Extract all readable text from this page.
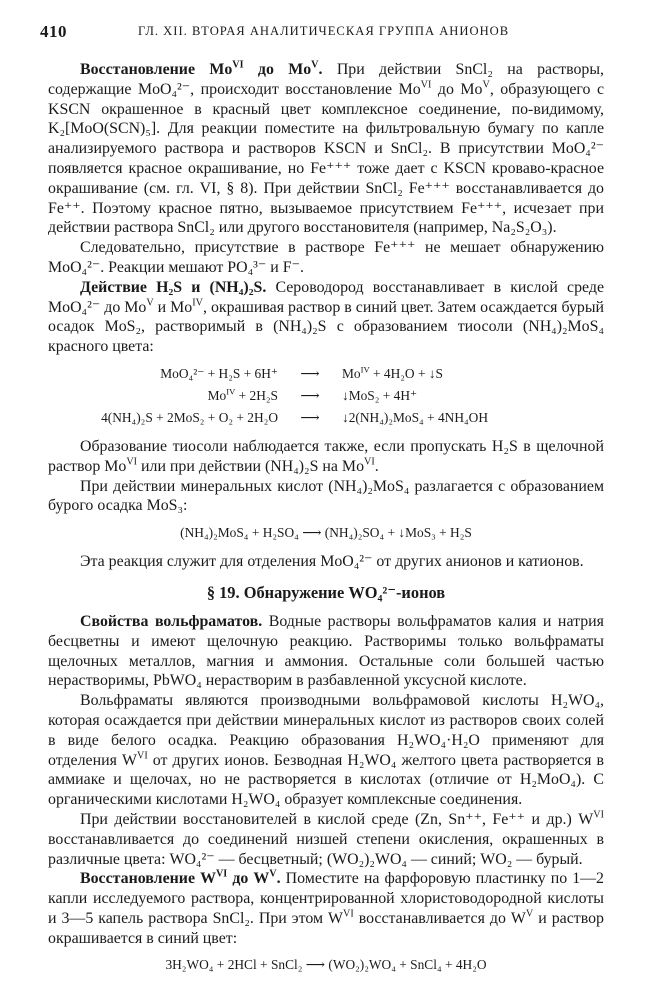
410	ГЛ. XII. ВТОРАЯ АНАЛИТИЧЕСКАЯ ГРУППА АНИОНОВ

Восстановление $Mo^{VI}$ до $Mo^V$. При действии SnCl₂ на растворы, содержащие MoO₄²⁻, происходит восстановление $Mo^{VI}$ до $Mo^V$, образующего с KSCN окрашенное в красный цвет комплексное соединение, по-видимому, K₂[MoO(SCN)₅]. Для реакции поместите на фильтровальную бумагу по капле анализируемого раствора и растворов KSCN и SnCl₂. В присутствии MoO₄²⁻ появляется красное окрашивание, но Fe⁺⁺⁺ тоже дает с KSCN кроваво-красное окрашивание (см. гл. VI, § 8). При действии SnCl₂ Fe⁺⁺⁺ восстанавливается до Fe⁺⁺. Поэтому красное пятно, вызываемое присутствием Fe⁺⁺⁺, исчезает при действии раствора SnCl₂ или другого восстановителя (например, Na₂S₂O₃).

Следовательно, присутствие в растворе Fe⁺⁺⁺ не мешает обнаружению MoO₄²⁻. Реакции мешают PO₄³⁻ и F⁻.

Действие H₂S и (NH₄)₂S. Сероводород восстанавливает в кислой среде MoO₄²⁻ до $Mo^V$ и $Mo^{IV}$, окрашивая раствор в синий цвет. Затем осаждается бурый осадок MoS₂, растворимый в (NH₄)₂S с образованием тиосоли (NH₄)₂MoS₄ красного цвета:

MoO₄²⁻ + H₂S + 6H⁺	⟶	$Mo^{IV} + 4H_2O$ + ↓S
$Mo^{IV} + 2H_2S$	⟶	↓MoS₂ + 4H⁺
4(NH₄)₂S + 2MoS₂ + O₂ + 2H₂O	⟶	↓2(NH₄)₂MoS₄ + 4NH₄OH

Образование тиосоли наблюдается также, если пропускать H₂S в щелочной раствор $Mo^{VI}$ или при действии (NH₄)₂S на $Mo^{VI}$.

При действии минеральных кислот (NH₄)₂MoS₄ разлагается с образованием бурого осадка MoS₃:

(NH₄)₂MoS₄ + H₂SO₄
⟶
(NH₄)₂SO₄ + ↓MoS₃ + H₂S

Эта реакция служит для отделения MoO₄²⁻ от других анионов и катионов.

§ 19. Обнаружение WO₄²⁻-ионов

Свойства вольфраматов. Водные растворы вольфраматов калия и натрия бесцветны и имеют щелочную реакцию. Растворимы только вольфраматы щелочных металлов, магния и аммония. Остальные соли большей частью нерастворимы, PbWO₄ нерастворим в разбавленной уксусной кислоте.

Вольфраматы являются производными вольфрамовой кислоты H₂WO₄, которая осаждается при действии минеральных кислот из растворов своих солей в виде белого осадка. Реакцию образования H₂WO₄·H₂O применяют для отделения $W^{VI}$ от других ионов. Безводная H₂WO₄ желтого цвета растворяется в аммиаке и щелочах, но не растворяется в кислотах (отличие от H₂MoO₄). С органическими кислотами H₂WO₄ образует комплексные соединения.

При действии восстановителей в кислой среде (Zn, Sn⁺⁺, Fe⁺⁺ и др.) $W^{VI}$ восстанавливается до соединений низшей степени окисления, окрашенных в различные цвета: WO₄²⁻ — бесцветный; (WO₂)₂WO₄ — синий; WO₂ — бурый.

Восстановление $W^{VI}$ до $W^V$. Поместите на фарфоровую пластинку по 1—2 капли исследуемого раствора, концентрированной хлористоводородной кислоты и 3—5 капель раствора SnCl₂. При этом $W^{VI}$ восстанавливается до $W^V$ и раствор окрашивается в синий цвет:

3H₂WO₄ + 2HCl + SnCl₂
⟶
(WO₂)₂WO₄ + SnCl₄ + 4H₂O
